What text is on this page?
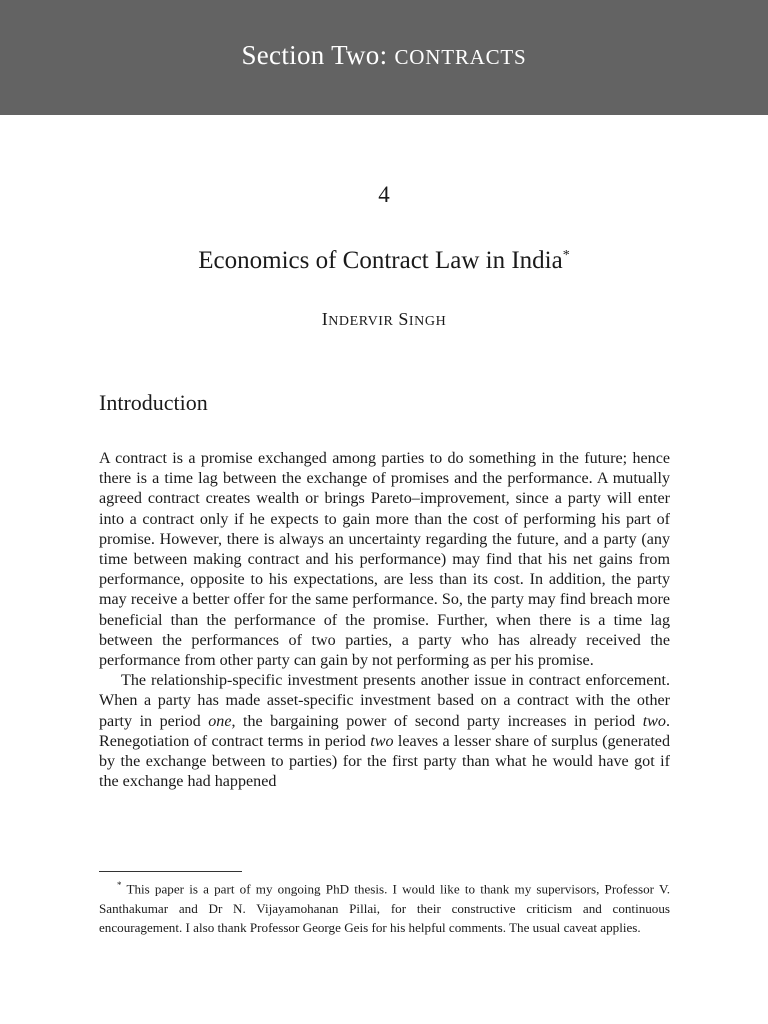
Section Two: CONTRACTS
4
Economics of Contract Law in India*
INDERVIR SINGH
Introduction

A contract is a promise exchanged among parties to do something in the future; hence there is a time lag between the exchange of promises and the performance. A mutually agreed contract creates wealth or brings Pareto–improvement, since a party will enter into a contract only if he expects to gain more than the cost of performing his part of promise. However, there is always an uncertainty regarding the future, and a party (any time between making contract and his performance) may find that his net gains from performance, opposite to his expectations, are less than its cost. In addition, the party may receive a better offer for the same performance. So, the party may find breach more beneficial than the performance of the promise. Further, when there is a time lag between the performances of two parties, a party who has already received the performance from other party can gain by not performing as per his promise.

The relationship-specific investment presents another issue in contract enforcement. When a party has made asset-specific investment based on a contract with the other party in period one, the bargaining power of second party increases in period two. Renegotiation of contract terms in period two leaves a lesser share of surplus (generated by the exchange between to parties) for the first party than what he would have got if the exchange had happened

* This paper is a part of my ongoing PhD thesis. I would like to thank my supervisors, Professor V. Santhakumar and Dr N. Vijayamohanan Pillai, for their constructive criticism and continuous encouragement. I also thank Professor George Geis for his helpful comments. The usual caveat applies.
